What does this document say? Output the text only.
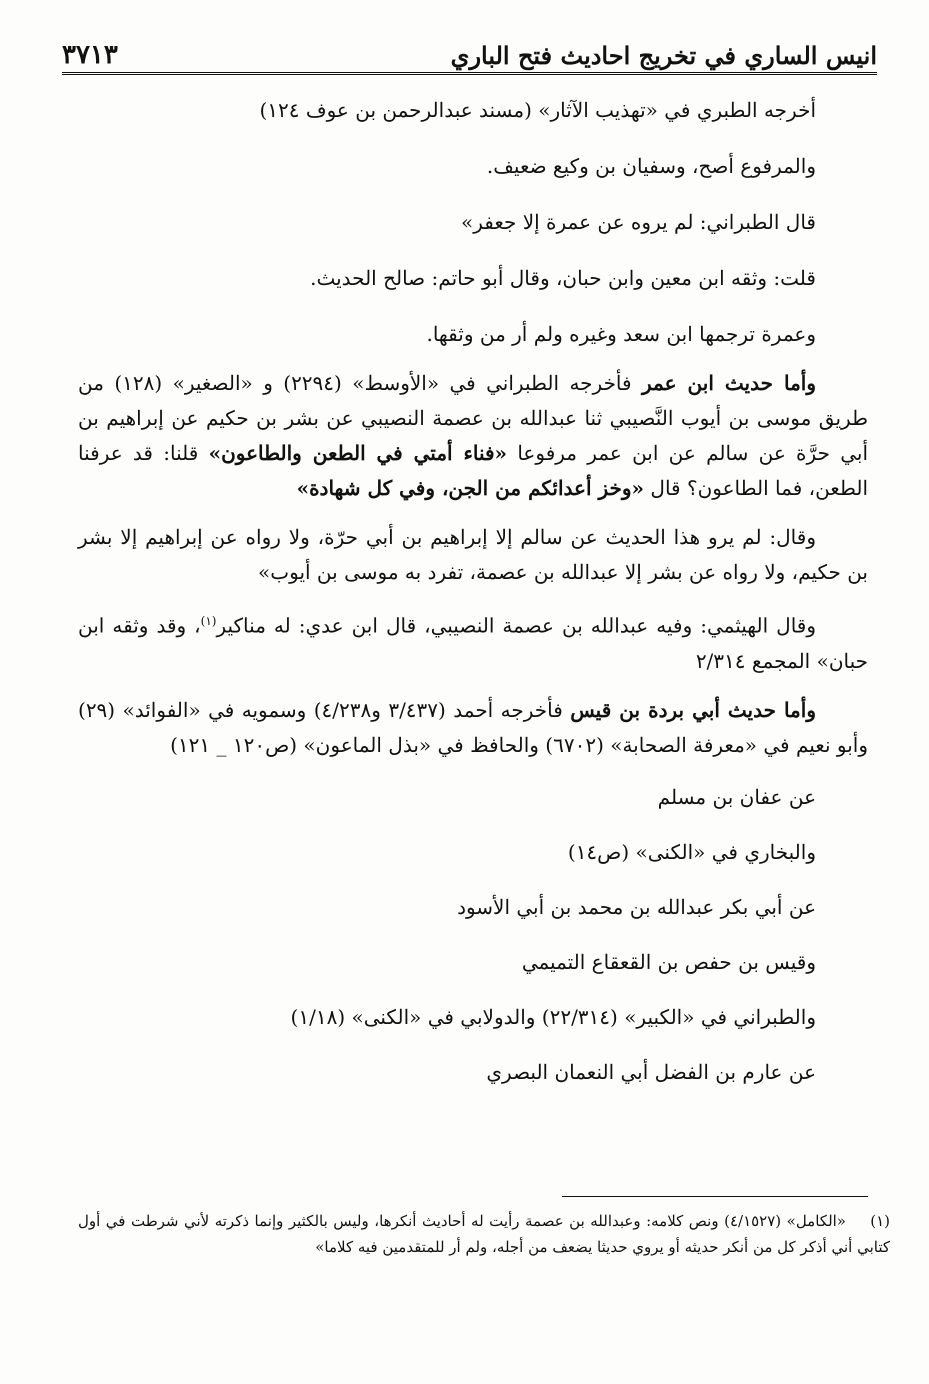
انيس الساري في تخريج احاديث فتح الباري
٣٧١٣
أخرجه الطبري في «تهذيب الآثار» (مسند عبدالرحمن بن عوف ١٢٤)
والمرفوع أصح، وسفيان بن وكيع ضعيف.
قال الطبراني: لم يروه عن عمرة إلا جعفر»
قلت: وثقه ابن معين وابن حبان، وقال أبو حاتم: صالح الحديث.
وعمرة ترجمها ابن سعد وغيره ولم أر من وثقها.
وأما حديث ابن عمر فأخرجه الطبراني في «الأوسط» (٢٢٩٤) و «الصغير» (١٢٨) من طريق موسى بن أيوب النَّصيبي ثنا عبدالله بن عصمة النصيبي عن بشر بن حكيم عن إبراهيم بن أبي حرَّة عن سالم عن ابن عمر مرفوعا «فناء أمتي في الطعن والطاعون» قلنا: قد عرفنا الطعن، فما الطاعون؟ قال «وخز أعدائكم من الجن، وفي كل شهادة»
وقال: لم يرو هذا الحديث عن سالم إلا إبراهيم بن أبي حرّة، ولا رواه عن إبراهيم إلا بشر بن حكيم، ولا رواه عن بشر إلا عبدالله بن عصمة، تفرد به موسى بن أيوب»
وقال الهيثمي: وفيه عبدالله بن عصمة النصيبي، قال ابن عدي: له مناكير$^{(١)}$، وقد وثقه ابن حبان» المجمع ٢/٣١٤
وأما حديث أبي بردة بن قيس فأخرجه أحمد (٣/٤٣٧ و٤/٢٣٨) وسمويه في «الفوائد» (٢٩) وأبو نعيم في «معرفة الصحابة» (٦٧٠٢) والحافظ في «بذل الماعون» (ص١٢٠ _ ١٢١)
عن عفان بن مسلم
والبخاري في «الكنى» (ص١٤)
عن أبي بكر عبدالله بن محمد بن أبي الأسود
وقيس بن حفص بن القعقاع التميمي
والطبراني في «الكبير» (٢٢/٣١٤) والدولابي في «الكنى» (١/١٨)
عن عارم بن الفضل أبي النعمان البصري
(١)«الكامل» (٤/١٥٢٧) ونص كلامه: وعبدالله بن عصمة رأيت له أحاديث أنكرها، وليس بالكثير وإنما ذكرته لأني شرطت في أول كتابي أني أذكر كل من أنكر حديثه أو يروي حديثا يضعف من أجله، ولم أر للمتقدمين فيه كلاما»
